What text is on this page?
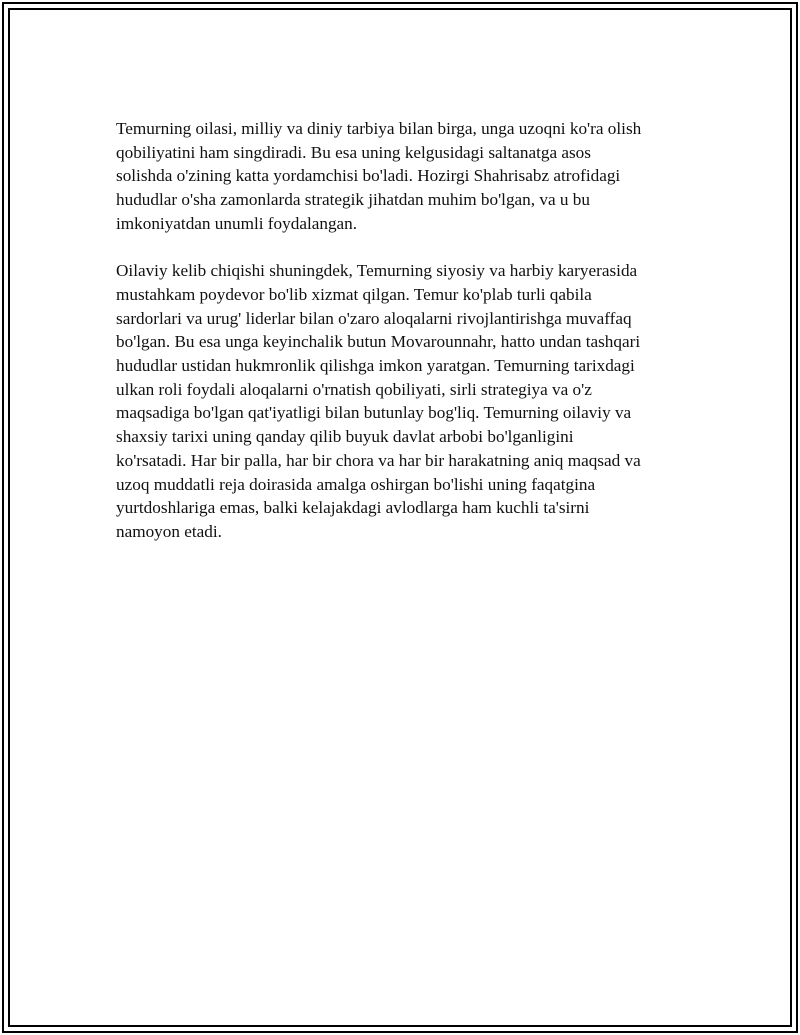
Temurning oilasi, milliy va diniy tarbiya bilan birga, unga uzoqni ko'ra olish
qobiliyatini ham singdiradi. Bu esa uning kelgusidagi saltanatga asos
solishda o'zining katta yordamchisi bo'ladi. Hozirgi Shahrisabz atrofidagi
hududlar o'sha zamonlarda strategik jihatdan muhim bo'lgan, va u bu
imkoniyatdan unumli foydalangan.

Oilaviy kelib chiqishi shuningdek, Temurning siyosiy va harbiy karyerasida
mustahkam poydevor bo'lib xizmat qilgan. Temur ko'plab turli qabila
sardorlari va urug' liderlar bilan o'zaro aloqalarni rivojlantirishga muvaffaq
bo'lgan. Bu esa unga keyinchalik butun Movarounnahr, hatto undan tashqari
hududlar ustidan hukmronlik qilishga imkon yaratgan. Temurning tarixdagi
ulkan roli foydali aloqalarni o'rnatish qobiliyati, sirli strategiya va o'z
maqsadiga bo'lgan qat'iyatligi bilan butunlay bog'liq. Temurning oilaviy va
shaxsiy tarixi uning qanday qilib buyuk davlat arbobi bo'lganligini
ko'rsatadi. Har bir palla, har bir chora va har bir harakatning aniq maqsad va
uzoq muddatli reja doirasida amalga oshirgan bo'lishi uning faqatgina
yurtdoshlariga emas, balki kelajakdagi avlodlarga ham kuchli ta'sirni
namoyon etadi.
